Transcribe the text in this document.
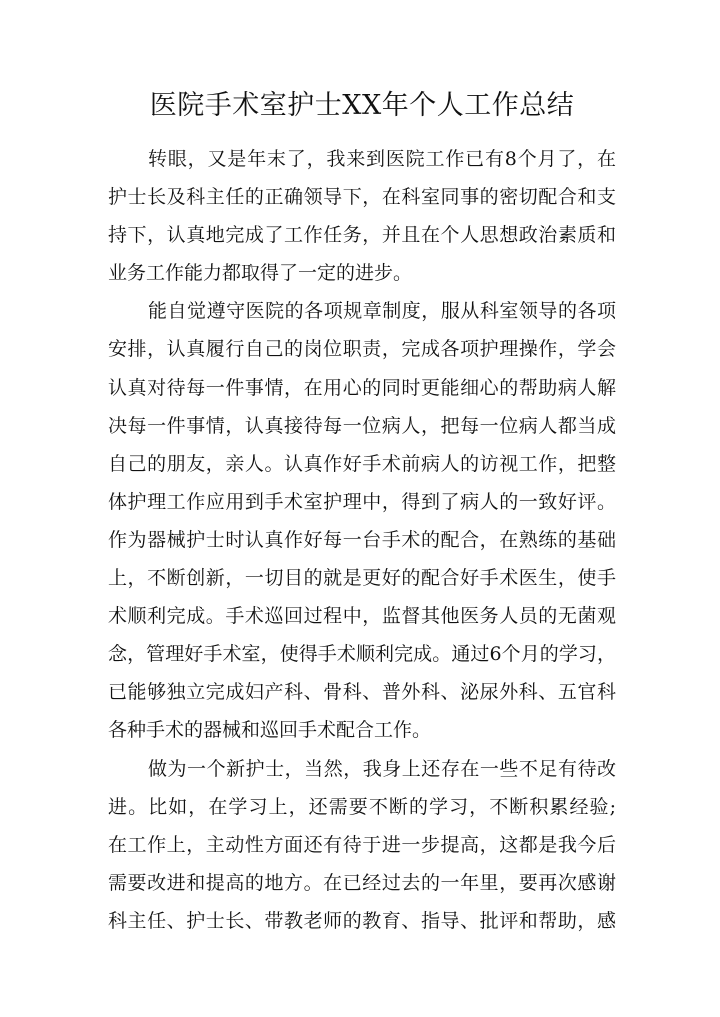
医院手术室护士XX年个人工作总结
转眼，又是年末了，我来到医院工作已有8个月了，在
护士长及科主任的正确领导下，在科室同事的密切配合和支
持下，认真地完成了工作任务，并且在个人思想政治素质和
业务工作能力都取得了一定的进步。
能自觉遵守医院的各项规章制度，服从科室领导的各项
安排，认真履行自己的岗位职责，完成各项护理操作，学会
认真对待每一件事情，在用心的同时更能细心的帮助病人解
决每一件事情，认真接待每一位病人，把每一位病人都当成
自己的朋友，亲人。认真作好手术前病人的访视工作，把整
体护理工作应用到手术室护理中，得到了病人的一致好评。
作为器械护士时认真作好每一台手术的配合，在熟练的基础
上，不断创新，一切目的就是更好的配合好手术医生，使手
术顺利完成。手术巡回过程中，监督其他医务人员的无菌观
念，管理好手术室，使得手术顺利完成。通过6个月的学习，
已能够独立完成妇产科、骨科、普外科、泌尿外科、五官科
各种手术的器械和巡回手术配合工作。
做为一个新护士，当然，我身上还存在一些不足有待改
进。比如，在学习上，还需要不断的学习，不断积累经验;
在工作上，主动性方面还有待于进一步提高，这都是我今后
需要改进和提高的地方。在已经过去的一年里，要再次感谢
科主任、护士长、带教老师的教育、指导、批评和帮助，感
